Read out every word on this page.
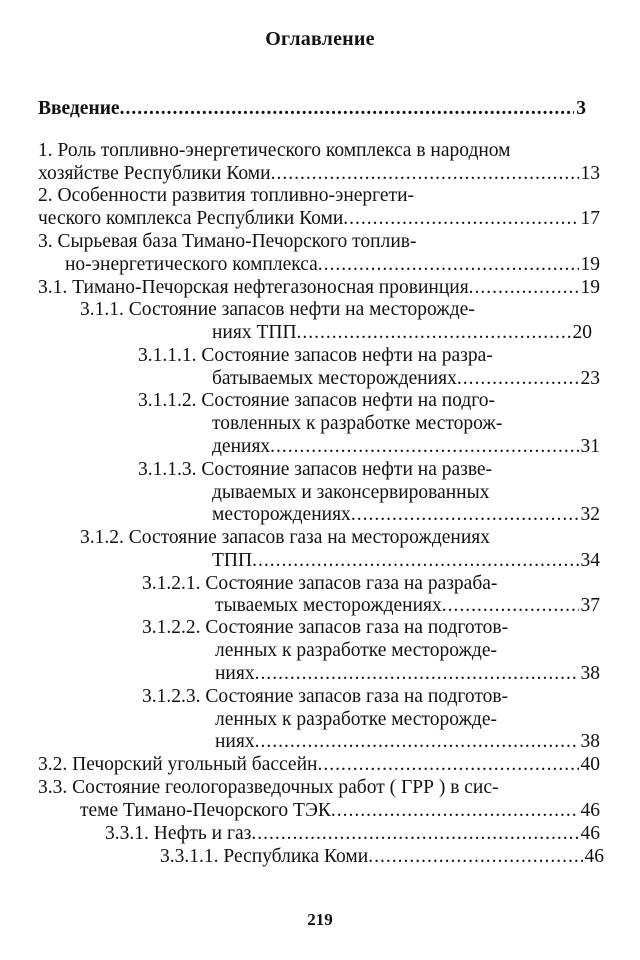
Оглавление
Введение .....	3
1. Роль топливно-энергетического комплекса в народном
хозяйстве Республики Коми .....	13
2. Особенности развития топливно-энергети-
ческого комплекса Республики Коми .....	17
3. Сырьевая база Тимано-Печорского топлив-
но-энергетического комплекса .....	19
3.1. Тимано-Печорская нефтегазоносная провинция .....	19
3.1.1. Состояние запасов нефти на месторожде-
ниях ТПП .....	20
3.1.1.1. Состояние запасов нефти на разра-
батываемых месторождениях .....	23
3.1.1.2. Состояние запасов нефти на подго-
товленных к разработке месторож-
дениях .....	31
3.1.1.3. Состояние запасов нефти на разве-
дываемых и законсервированных
месторождениях .....	32
3.1.2. Состояние запасов газа на месторождениях
ТПП .....	34
3.1.2.1. Состояние запасов газа на разраба-
тываемых месторождениях .....	37
3.1.2.2. Состояние запасов газа на подготов-
ленных к разработке месторожде-
ниях .....	38
3.1.2.3. Состояние запасов газа на подготов-
ленных к разработке месторожде-
ниях .....	38
3.2. Печорский угольный бассейн .....	40
3.3. Состояние геологоразведочных работ ( ГРР ) в сис-
теме Тимано-Печорского ТЭК .....	46
3.3.1. Нефть и газ .....	46
3.3.1.1. Республика Коми .....	46
219
